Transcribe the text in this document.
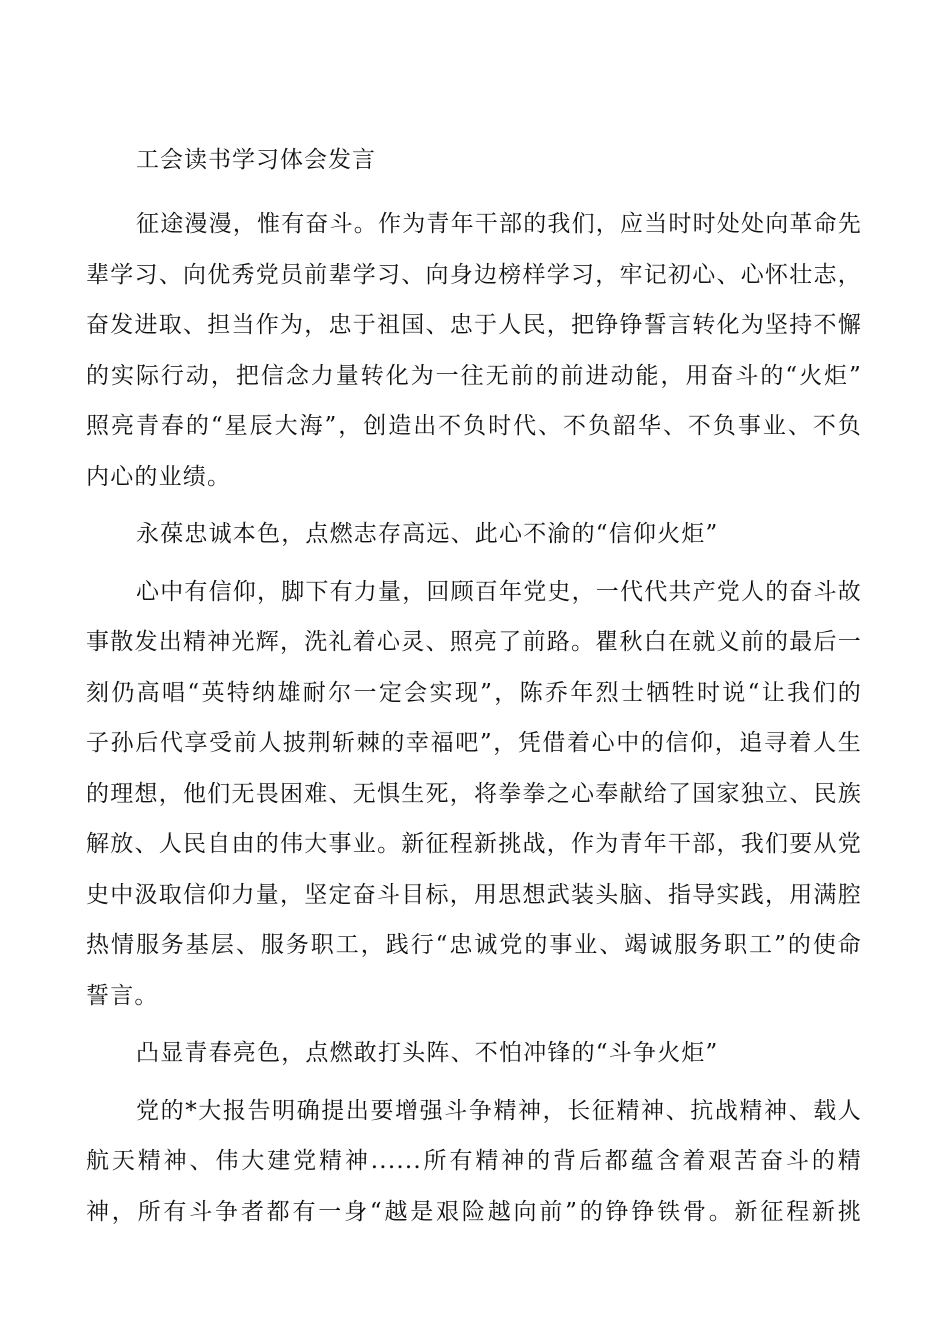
工会读书学习体会发言
征途漫漫，惟有奋斗。作为青年干部的我们，应当时时处处向革命先
辈学习、向优秀党员前辈学习、向身边榜样学习，牢记初心、心怀壮志，
奋发进取、担当作为，忠于祖国、忠于人民，把铮铮誓言转化为坚持不懈
的实际行动，把信念力量转化为一往无前的前进动能，用奋斗的“火炬”
照亮青春的“星辰大海”，创造出不负时代、不负韶华、不负事业、不负
内心的业绩。

永葆忠诚本色，点燃志存高远、此心不渝的“信仰火炬”

心中有信仰，脚下有力量，回顾百年党史，一代代共产党人的奋斗故
事散发出精神光辉，洗礼着心灵、照亮了前路。瞿秋白在就义前的最后一
刻仍高唱“英特纳雄耐尔一定会实现”，陈乔年烈士牺牲时说“让我们的
子孙后代享受前人披荆斩棘的幸福吧”，凭借着心中的信仰，追寻着人生
的理想，他们无畏困难、无惧生死，将拳拳之心奉献给了国家独立、民族
解放、人民自由的伟大事业。新征程新挑战，作为青年干部，我们要从党
史中汲取信仰力量，坚定奋斗目标，用思想武装头脑、指导实践，用满腔
热情服务基层、服务职工，践行“忠诚党的事业、竭诚服务职工”的使命
誓言。

凸显青春亮色，点燃敢打头阵、不怕冲锋的“斗争火炬”

党的*大报告明确提出要增强斗争精神，长征精神、抗战精神、载人
航天精神、伟大建党精神......所有精神的背后都蕴含着艰苦奋斗的精
神，所有斗争者都有一身“越是艰险越向前”的铮铮铁骨。新征程新挑
